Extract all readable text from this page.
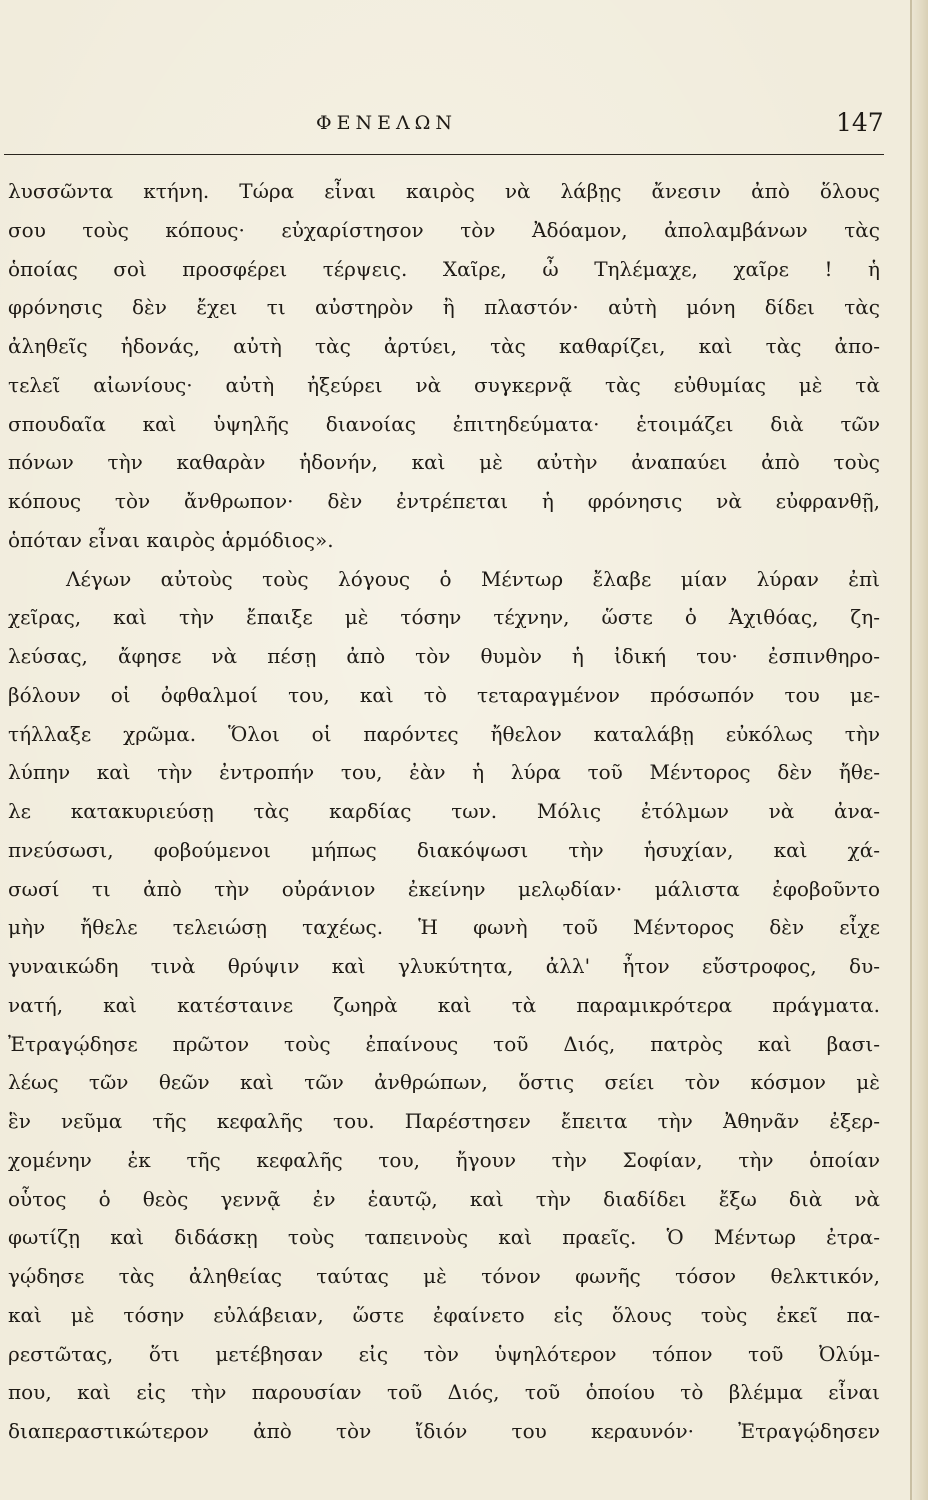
ΦΕΝΕΛΩΝ	147
λυσσῶντα κτήνη. Τώρα εἶναι καιρὸς νὰ λάβῃς ἄνεσιν ἀπὸ ὅλους
σου τοὺς κόπους· εὐχαρίστησον τὸν Ἀδόαμον, ἀπολαμβάνων τὰς
ὁποίας σοὶ προσφέρει τέρψεις. Χαῖρε, ὦ Τηλέμαχε, χαῖρε ! ἡ
φρόνησις δὲν ἔχει τι αὐστηρὸν ἢ πλαστόν· αὐτὴ μόνη δίδει τὰς
ἀληθεῖς ἡδονάς, αὐτὴ τὰς ἀρτύει, τὰς καθαρίζει, καὶ τὰς ἀπο-
τελεῖ αἰωνίους· αὐτὴ ἠξεύρει νὰ συγκερνᾷ τὰς εὐθυμίας μὲ τὰ
σπουδαῖα καὶ ὑψηλῆς διανοίας ἐπιτηδεύματα· ἑτοιμάζει διὰ τῶν
πόνων τὴν καθαρὰν ἡδονήν, καὶ μὲ αὐτὴν ἀναπαύει ἀπὸ τοὺς
κόπους τὸν ἄνθρωπον· δὲν ἐντρέπεται ἡ φρόνησις νὰ εὐφρανθῇ,
ὁπόταν εἶναι καιρὸς ἁρμόδιος».
Λέγων αὐτοὺς τοὺς λόγους ὁ Μέντωρ ἔλαβε μίαν λύραν ἐπὶ
χεῖρας, καὶ τὴν ἔπαιξε μὲ τόσην τέχνην, ὥστε ὁ Ἀχιθόας, ζη-
λεύσας, ἄφησε νὰ πέσῃ ἀπὸ τὸν θυμὸν ἡ ἰδική του· ἐσπινθηρο-
βόλουν οἱ ὀφθαλμοί του, καὶ τὸ τεταραγμένον πρόσωπόν του με-
τήλλαξε χρῶμα. Ὅλοι οἱ παρόντες ἤθελον καταλάβῃ εὐκόλως τὴν
λύπην καὶ τὴν ἐντροπήν του, ἐὰν ἡ λύρα τοῦ Μέντορος δὲν ἤθε-
λε κατακυριεύσῃ τὰς καρδίας των. Μόλις ἐτόλμων νὰ ἀνα-
πνεύσωσι, φοβούμενοι μήπως διακόψωσι τὴν ἡσυχίαν, καὶ χά-
σωσί τι ἀπὸ τὴν οὐράνιον ἐκείνην μελῳδίαν· μάλιστα ἐφοβοῦντο
μὴν ἤθελε τελειώσῃ ταχέως. Ἡ φωνὴ τοῦ Μέντορος δὲν εἶχε
γυναικώδη τινὰ θρύψιν καὶ γλυκύτητα, ἀλλ' ἦτον εὔστροφος, δυ-
νατή, καὶ κατέσταινε ζωηρὰ καὶ τὰ παραμικρότερα πράγματα.
Ἐτραγῴδησε πρῶτον τοὺς ἐπαίνους τοῦ Διός, πατρὸς καὶ βασι-
λέως τῶν θεῶν καὶ τῶν ἀνθρώπων, ὅστις σείει τὸν κόσμον μὲ
ἓν νεῦμα τῆς κεφαλῆς του. Παρέστησεν ἔπειτα τὴν Ἀθηνᾶν ἐξερ-
χομένην ἐκ τῆς κεφαλῆς του, ἤγουν τὴν Σοφίαν, τὴν ὁποίαν
οὗτος ὁ θεὸς γεννᾷ ἐν ἑαυτῷ, καὶ τὴν διαδίδει ἔξω διὰ νὰ
φωτίζῃ καὶ διδάσκῃ τοὺς ταπεινοὺς καὶ πραεῖς. Ὁ Μέντωρ ἐτρα-
γῴδησε τὰς ἀληθείας ταύτας μὲ τόνον φωνῆς τόσον θελκτικόν,
καὶ μὲ τόσην εὐλάβειαν, ὥστε ἐφαίνετο εἰς ὅλους τοὺς ἐκεῖ πα-
ρεστῶτας, ὅτι μετέβησαν εἰς τὸν ὑψηλότερον τόπον τοῦ Ὀλύμ-
που, καὶ εἰς τὴν παρουσίαν τοῦ Διός, τοῦ ὁποίου τὸ βλέμμα εἶναι
διαπεραστικώτερον ἀπὸ τὸν ἴδιόν του κεραυνόν· Ἐτραγῴδησεν
